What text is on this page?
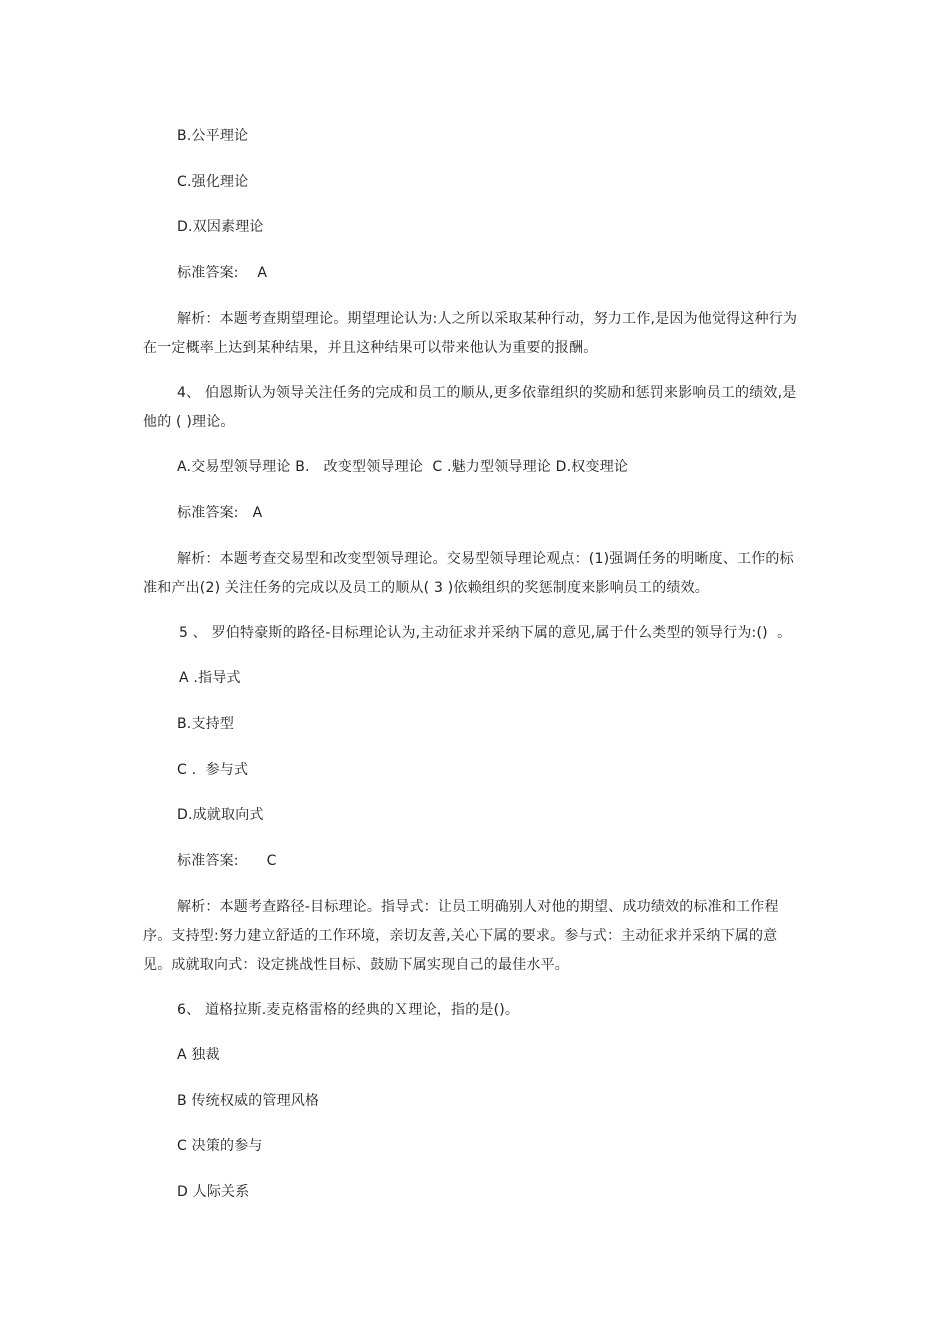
B.公平理论
C.强化理论
D.双因素理论
标准答案:    A
解析：本题考查期望理论。期望理论认为:人之所以采取某种行动，努力工作,是因为他觉得这种行为在一定概率上达到某种结果，并且这种结果可以带来他认为重要的报酬。
4、 伯恩斯认为领导关注任务的完成和员工的顺从,更多依靠组织的奖励和惩罚来影响员工的绩效,是他的 ( )理论。
A.交易型领导理论 B.   改变型领导理论  C .魅力型领导理论 D.权变理论
标准答案:   A
解析：本题考查交易型和改变型领导理论。交易型领导理论观点：(1)强调任务的明晰度、工作的标准和产出(2) 关注任务的完成以及员工的顺从( 3 )依赖组织的奖惩制度来影响员工的绩效。
5 、 罗伯特豪斯的路径-目标理论认为,主动征求并采纳下属的意见,属于什么类型的领导行为:()  。
A .指导式
B.支持型
C .  参与式
D.成就取向式
标准答案:      C
解析：本题考查路径-目标理论。指导式：让员工明确别人对他的期望、成功绩效的标准和工作程序。支持型:努力建立舒适的工作环境，亲切友善,关心下属的要求。参与式：主动征求并采纳下属的意见。成就取向式：设定挑战性目标、鼓励下属实现自己的最佳水平。
6、 道格拉斯.麦克格雷格的经典的Ｘ理论，指的是()。
A 独裁
B 传统权威的管理风格
C 决策的参与
D 人际关系
